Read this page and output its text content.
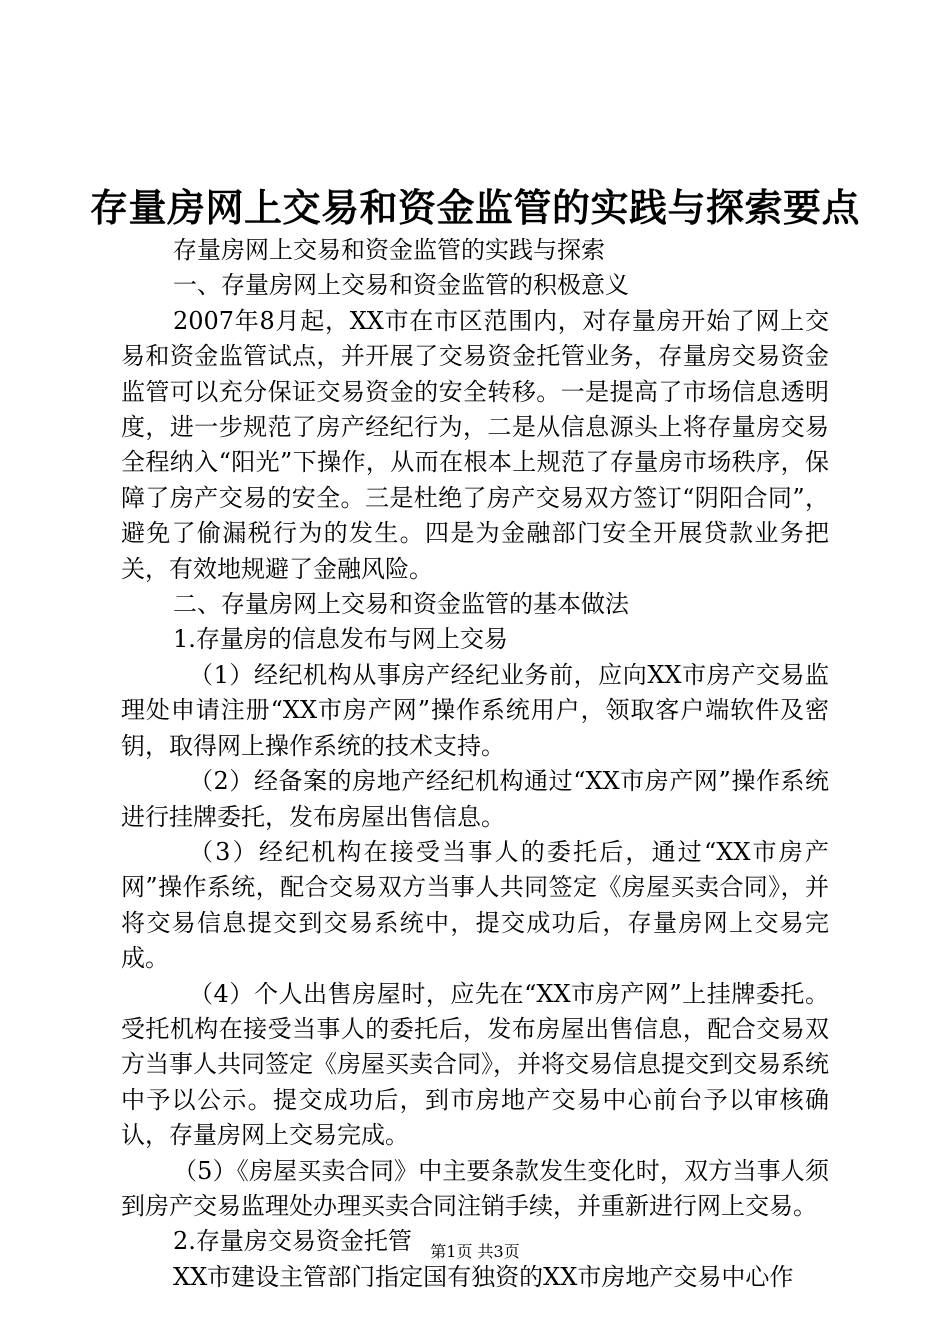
存量房网上交易和资金监管的实践与探索要点

存量房网上交易和资金监管的实践与探索

一、存量房网上交易和资金监管的积极意义

2007年8月起，XX市在市区范围内，对存量房开始了网上交易和资金监管试点，并开展了交易资金托管业务，存量房交易资金监管可以充分保证交易资金的安全转移。一是提高了市场信息透明度，进一步规范了房产经纪行为，二是从信息源头上将存量房交易全程纳入“阳光”下操作，从而在根本上规范了存量房市场秩序，保障了房产交易的安全。三是杜绝了房产交易双方签订“阴阳合同”，避免了偷漏税行为的发生。四是为金融部门安全开展贷款业务把关，有效地规避了金融风险。

二、存量房网上交易和资金监管的基本做法

1.存量房的信息发布与网上交易

（1）经纪机构从事房产经纪业务前，应向XX市房产交易监理处申请注册“XX市房产网”操作系统用户，领取客户端软件及密钥，取得网上操作系统的技术支持。

（2）经备案的房地产经纪机构通过“XX市房产网”操作系统进行挂牌委托，发布房屋出售信息。

（3）经纪机构在接受当事人的委托后，通过“XX市房产网”操作系统，配合交易双方当事人共同签定《房屋买卖合同》，并将交易信息提交到交易系统中，提交成功后，存量房网上交易完成。

（4）个人出售房屋时，应先在“XX市房产网”上挂牌委托。受托机构在接受当事人的委托后，发布房屋出售信息，配合交易双方当事人共同签定《房屋买卖合同》，并将交易信息提交到交易系统中予以公示。提交成功后，到市房地产交易中心前台予以审核确认，存量房网上交易完成。

（5）《房屋买卖合同》中主要条款发生变化时，双方当事人须到房产交易监理处办理买卖合同注销手续，并重新进行网上交易。

2.存量房交易资金托管

XX市建设主管部门指定国有独资的XX市房地产交易中心作

第1页 共3页
